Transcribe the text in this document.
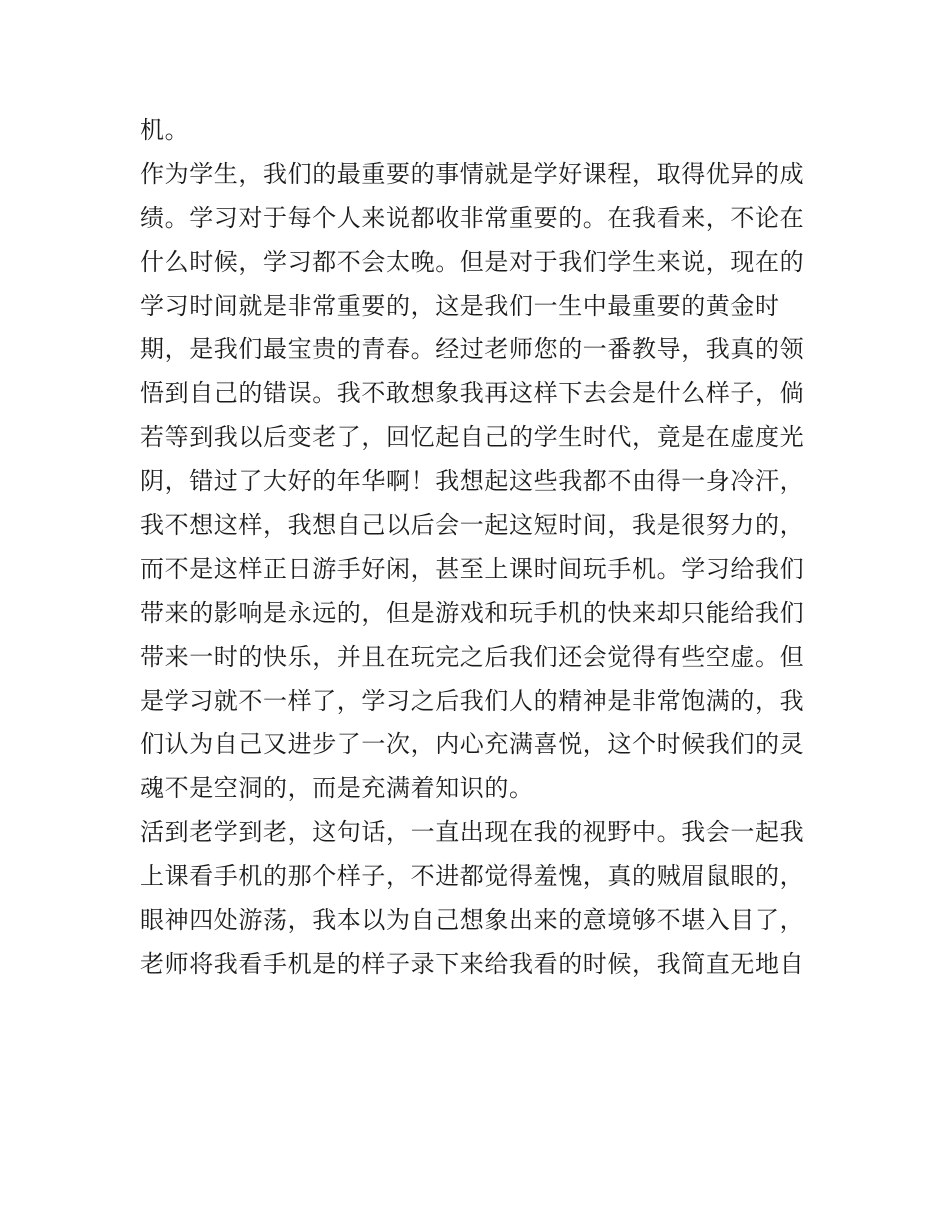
机。
作为学生，我们的最重要的事情就是学好课程，取得优异的成
绩。学习对于每个人来说都收非常重要的。在我看来，不论在
什么时候，学习都不会太晚。但是对于我们学生来说，现在的
学习时间就是非常重要的，这是我们一生中最重要的黄金时
期，是我们最宝贵的青春。经过老师您的一番教导，我真的领
悟到自己的错误。我不敢想象我再这样下去会是什么样子，倘
若等到我以后变老了，回忆起自己的学生时代，竟是在虚度光
阴，错过了大好的年华啊！我想起这些我都不由得一身冷汗，
我不想这样，我想自己以后会一起这短时间，我是很努力的，
而不是这样正日游手好闲，甚至上课时间玩手机。学习给我们
带来的影响是永远的，但是游戏和玩手机的快来却只能给我们
带来一时的快乐，并且在玩完之后我们还会觉得有些空虚。但
是学习就不一样了，学习之后我们人的精神是非常饱满的，我
们认为自己又进步了一次，内心充满喜悦，这个时候我们的灵
魂不是空洞的，而是充满着知识的。
活到老学到老，这句话，一直出现在我的视野中。我会一起我
上课看手机的那个样子，不进都觉得羞愧，真的贼眉鼠眼的，
眼神四处游荡，我本以为自己想象出来的意境够不堪入目了，
老师将我看手机是的样子录下来给我看的时候，我简直无地自
